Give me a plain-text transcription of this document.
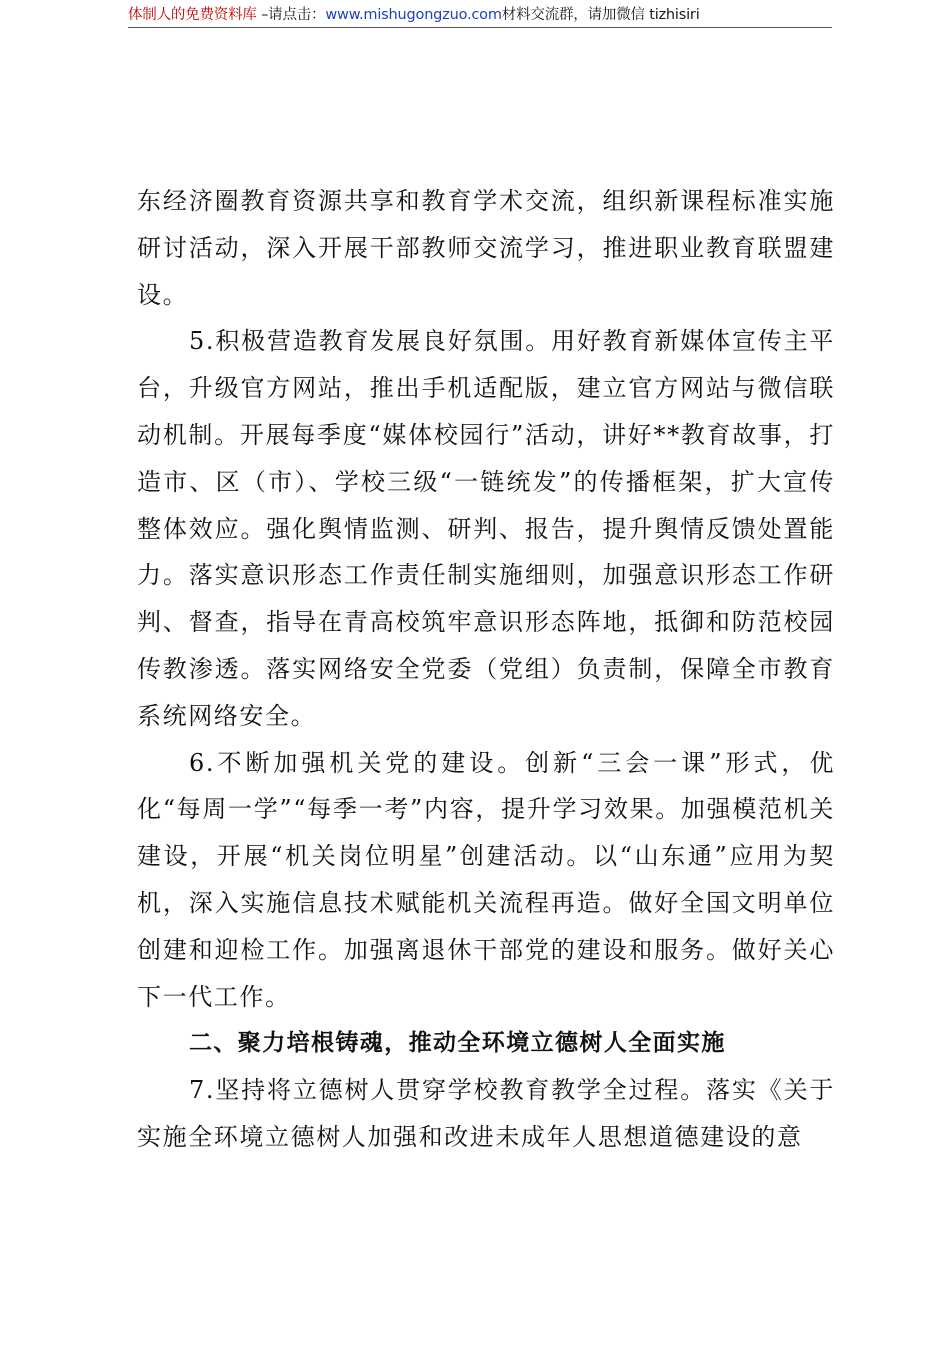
体制人的免费资料库 –请点击：www.mishugongzuo.com材料交流群，请加微信 tizhisiri

东经济圈教育资源共享和教育学术交流，组织新课程标准实施研讨活动，深入开展干部教师交流学习，推进职业教育联盟建设。

5.积极营造教育发展良好氛围。用好教育新媒体宣传主平台，升级官方网站，推出手机适配版，建立官方网站与微信联动机制。开展每季度“媒体校园行”活动，讲好**教育故事，打造市、区（市）、学校三级“一链统发”的传播框架，扩大宣传整体效应。强化舆情监测、研判、报告，提升舆情反馈处置能力。落实意识形态工作责任制实施细则，加强意识形态工作研判、督查，指导在青高校筑牢意识形态阵地，抵御和防范校园传教渗透。落实网络安全党委（党组）负责制，保障全市教育系统网络安全。

6.不断加强机关党的建设。创新“三会一课”形式，优化“每周一学”“每季一考”内容，提升学习效果。加强模范机关建设，开展“机关岗位明星”创建活动。以“山东通”应用为契机，深入实施信息技术赋能机关流程再造。做好全国文明单位创建和迎检工作。加强离退休干部党的建设和服务。做好关心下一代工作。

二、聚力培根铸魂，推动全环境立德树人全面实施

7.坚持将立德树人贯穿学校教育教学全过程。落实《关于实施全环境立德树人加强和改进未成年人思想道德建设的意
